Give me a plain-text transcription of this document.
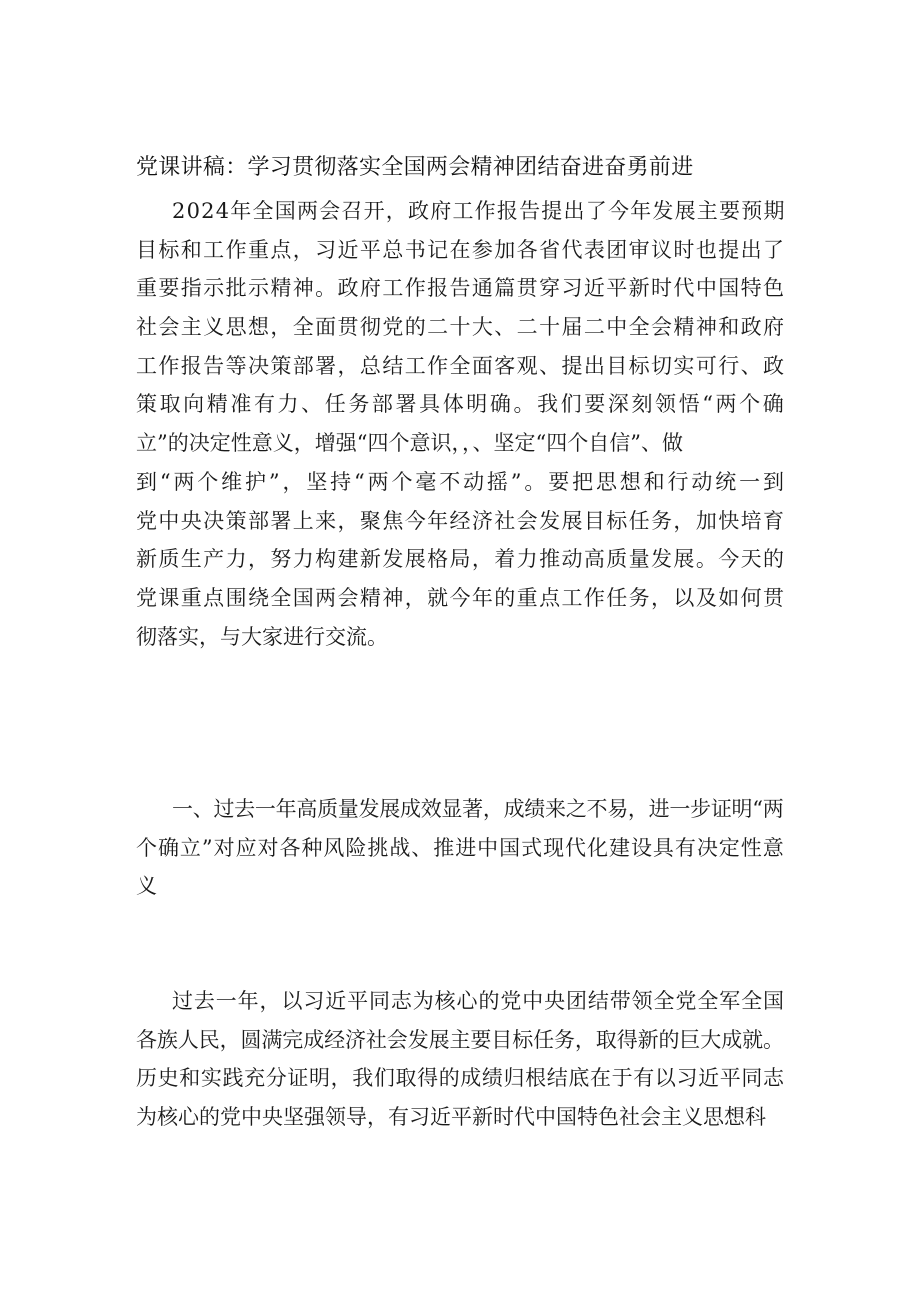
党课讲稿：学习贯彻落实全国两会精神团结奋进奋勇前进
2024年全国两会召开，政府工作报告提出了今年发展主要预期
目标和工作重点，习近平总书记在参加各省代表团审议时也提出了
重要指示批示精神。政府工作报告通篇贯穿习近平新时代中国特色
社会主义思想，全面贯彻党的二十大、二十届二中全会精神和政府
工作报告等决策部署，总结工作全面客观、提出目标切实可行、政
策取向精准有力、任务部署具体明确。我们要深刻领悟“两个确
立”的决定性意义，增强“四个意识，，、坚定“四个自信”、做
到“两个维护”，坚持“两个毫不动摇”。要把思想和行动统一到
党中央决策部署上来，聚焦今年经济社会发展目标任务，加快培育
新质生产力，努力构建新发展格局，着力推动高质量发展。今天的
党课重点围绕全国两会精神，就今年的重点工作任务，以及如何贯
彻落实，与大家进行交流。
一、过去一年高质量发展成效显著，成绩来之不易，进一步证明“两
个确立”对应对各种风险挑战、推进中国式现代化建设具有决定性意
义
过去一年，以习近平同志为核心的党中央团结带领全党全军全国
各族人民，圆满完成经济社会发展主要目标任务，取得新的巨大成就。
历史和实践充分证明，我们取得的成绩归根结底在于有以习近平同志
为核心的党中央坚强领导，有习近平新时代中国特色社会主义思想科
